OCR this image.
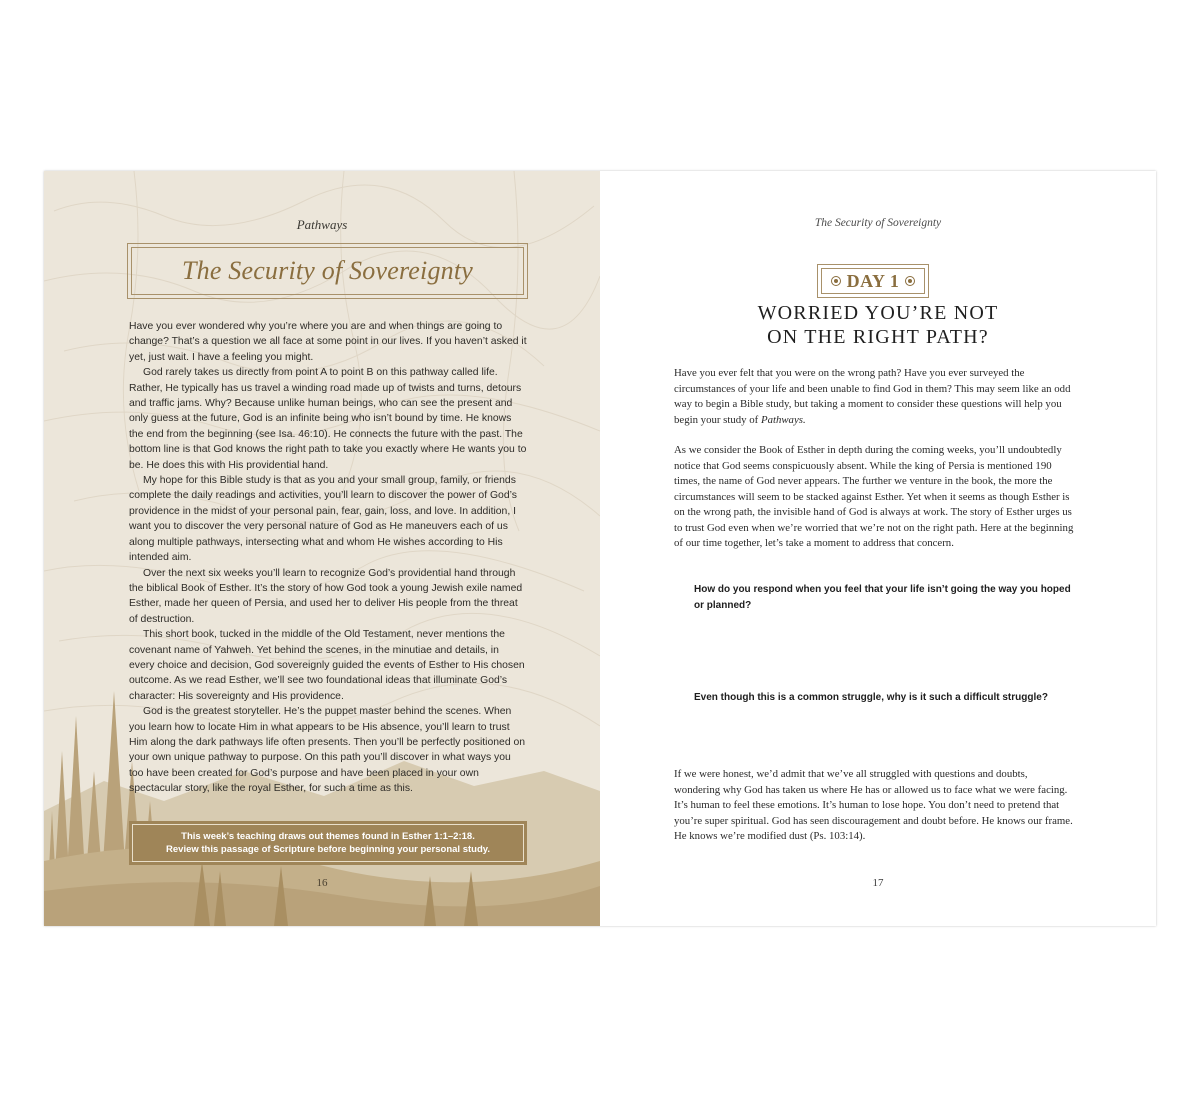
Pathways
The Security of Sovereignty

Have you ever wondered why you’re where you are and when things are going to change? That’s a question we all face at some point in our lives. If you haven’t asked it yet, just wait. I have a feeling you might.

God rarely takes us directly from point A to point B on this pathway called life. Rather, He typically has us travel a winding road made up of twists and turns, detours and traffic jams. Why? Because unlike human beings, who can see the present and only guess at the future, God is an infinite being who isn’t bound by time. He knows the end from the beginning (see Isa. 46:10). He connects the future with the past. The bottom line is that God knows the right path to take you exactly where He wants you to be. He does this with His providential hand.

My hope for this Bible study is that as you and your small group, family, or friends complete the daily readings and activities, you’ll learn to discover the power of God’s providence in the midst of your personal pain, fear, gain, loss, and love. In addition, I want you to discover the very personal nature of God as He maneuvers each of us along multiple pathways, intersecting what and whom He wishes according to His intended aim.

Over the next six weeks you’ll learn to recognize God’s providential hand through the biblical Book of Esther. It’s the story of how God took a young Jewish exile named Esther, made her queen of Persia, and used her to deliver His people from the threat of destruction.

This short book, tucked in the middle of the Old Testament, never mentions the covenant name of Yahweh. Yet behind the scenes, in the minutiae and details, in every choice and decision, God sovereignly guided the events of Esther to His chosen outcome. As we read Esther, we’ll see two foundational ideas that illuminate God’s character: His sovereignty and His providence.

God is the greatest storyteller. He’s the puppet master behind the scenes. When you learn how to locate Him in what appears to be His absence, you’ll learn to trust Him along the dark pathways life often presents. Then you’ll be perfectly positioned on your own unique pathway to purpose. On this path you’ll discover in what ways you too have been created for God’s purpose and have been placed in your own spectacular story, like the royal Esther, for such a time as this.

This week’s teaching draws out themes found in Esther 1:1–2:18.
Review this passage of Scripture before beginning your personal study.
16
The Security of Sovereignty
DAY 1
WORRIED YOU’RE NOT
ON THE RIGHT PATH?

Have you ever felt that you were on the wrong path? Have you ever surveyed the circumstances of your life and been unable to find God in them? This may seem like an odd way to begin a Bible study, but taking a moment to consider these questions will help you begin your study of Pathways.

As we consider the Book of Esther in depth during the coming weeks, you’ll undoubtedly notice that God seems conspicuously absent. While the king of Persia is mentioned 190 times, the name of God never appears. The further we venture in the book, the more the circumstances will seem to be stacked against Esther. Yet when it seems as though Esther is on the wrong path, the invisible hand of God is always at work. The story of Esther urges us to trust God even when we’re worried that we’re not on the right path. Here at the beginning of our time together, let’s take a moment to address that concern.

How do you respond when you feel that your life isn’t going the way you hoped or planned?

Even though this is a common struggle, why is it such a difficult struggle?

If we were honest, we’d admit that we’ve all struggled with questions and doubts, wondering why God has taken us where He has or allowed us to face what we were facing. It’s human to feel these emotions. It’s human to lose hope. You don’t need to pretend that you’re super spiritual. God has seen discouragement and doubt before. He knows our frame. He knows we’re modified dust (Ps. 103:14).

17
